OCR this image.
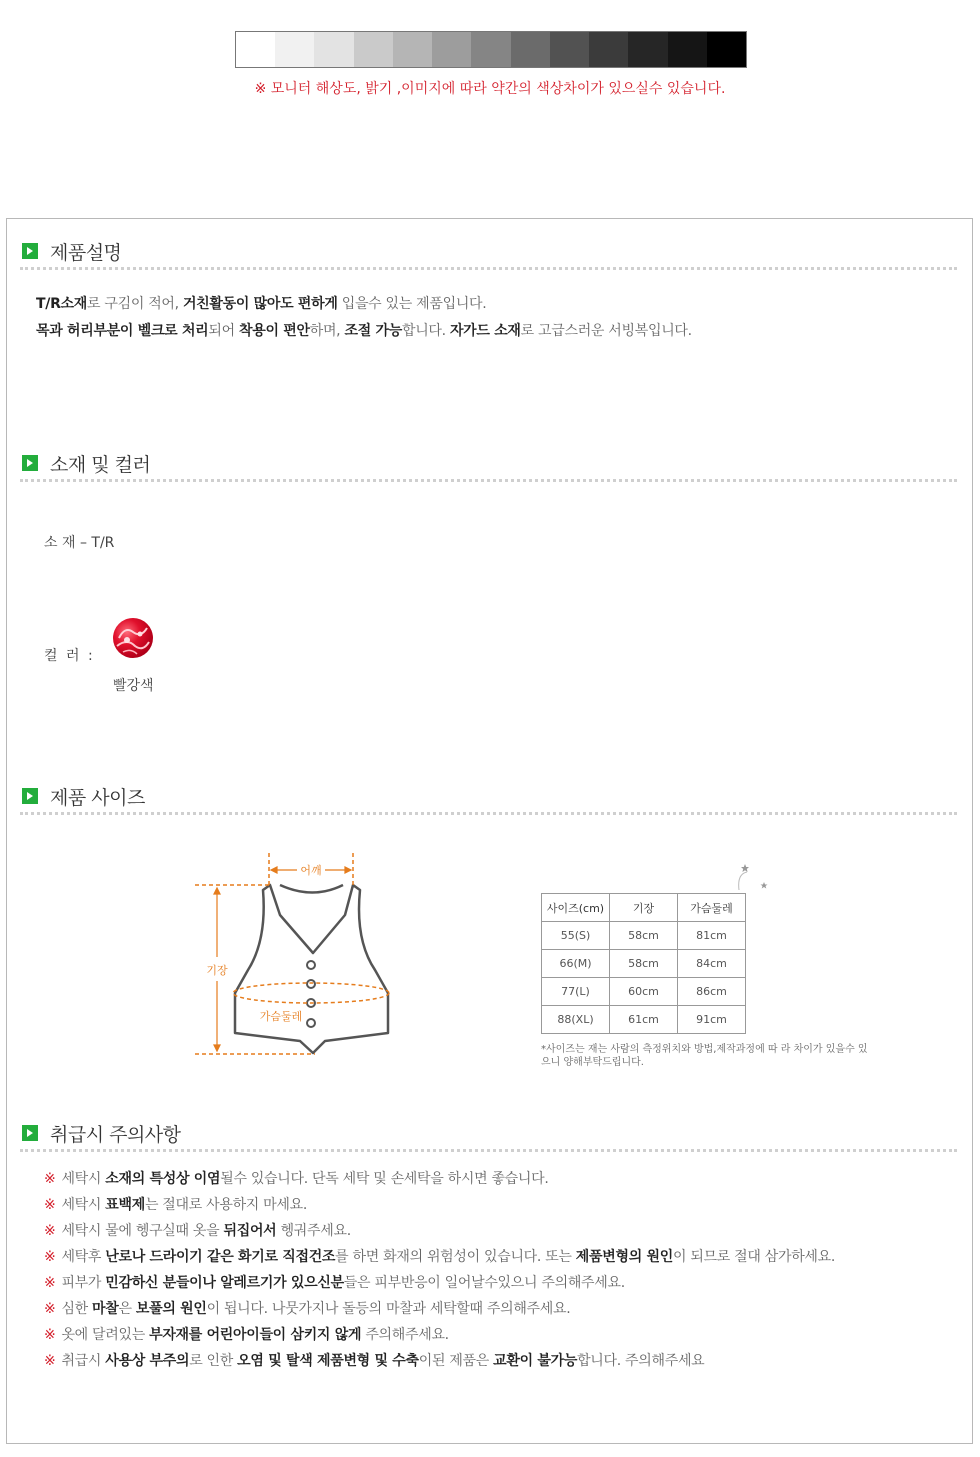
※ 모니터 해상도, 밝기 ,이미지에 따라 약간의 색상차이가 있으실수 있습니다.
제품설명
T/R소재로 구김이 적어, 거친활동이 많아도 편하게 입을수 있는 제품입니다.
목과 허리부분이 벨크로 처리되어 착용이 편안하며, 조절 가능합니다. 자가드 소재로 고급스러운 서빙복입니다.
소재 및 컬러
소 재 – T/R
컬 러 :
빨강색
제품 사이즈
어깨
기장
가슴둘레
사이즈(cm)	기장	가슴둘레
55(S)	58cm	81cm
66(M)	58cm	84cm
77(L)	60cm	86cm
88(XL)	61cm	91cm
*사이즈는 재는 사람의 측정위치와 방법,제작과정에 따 라 차이가 있을수 있으니 양해부탁드립니다.
취급시 주의사항
※ 세탁시 소재의 특성상 이염될수 있습니다. 단독 세탁 및 손세탁을 하시면 좋습니다.
※ 세탁시 표백제는 절대로 사용하지 마세요.
※ 세탁시 물에 헹구실때 옷을 뒤집어서 헹궈주세요.
※ 세탁후 난로나 드라이기 같은 화기로 직접건조를 하면 화재의 위험성이 있습니다. 또는 제품변형의 원인이 되므로 절대 삼가하세요.
※ 피부가 민감하신 분들이나 알레르기가 있으신분들은 피부반응이 일어날수있으니 주의해주세요.
※ 심한 마찰은 보풀의 원인이 됩니다. 나뭇가지나 돌등의 마찰과 세탁할때 주의해주세요.
※ 옷에 달려있는 부자재를 어린아이들이 삼키지 않게 주의해주세요.
※ 취급시 사용상 부주의로 인한 오염 및 탈색 제품변형 및 수축이된 제품은 교환이 불가능합니다. 주의해주세요
